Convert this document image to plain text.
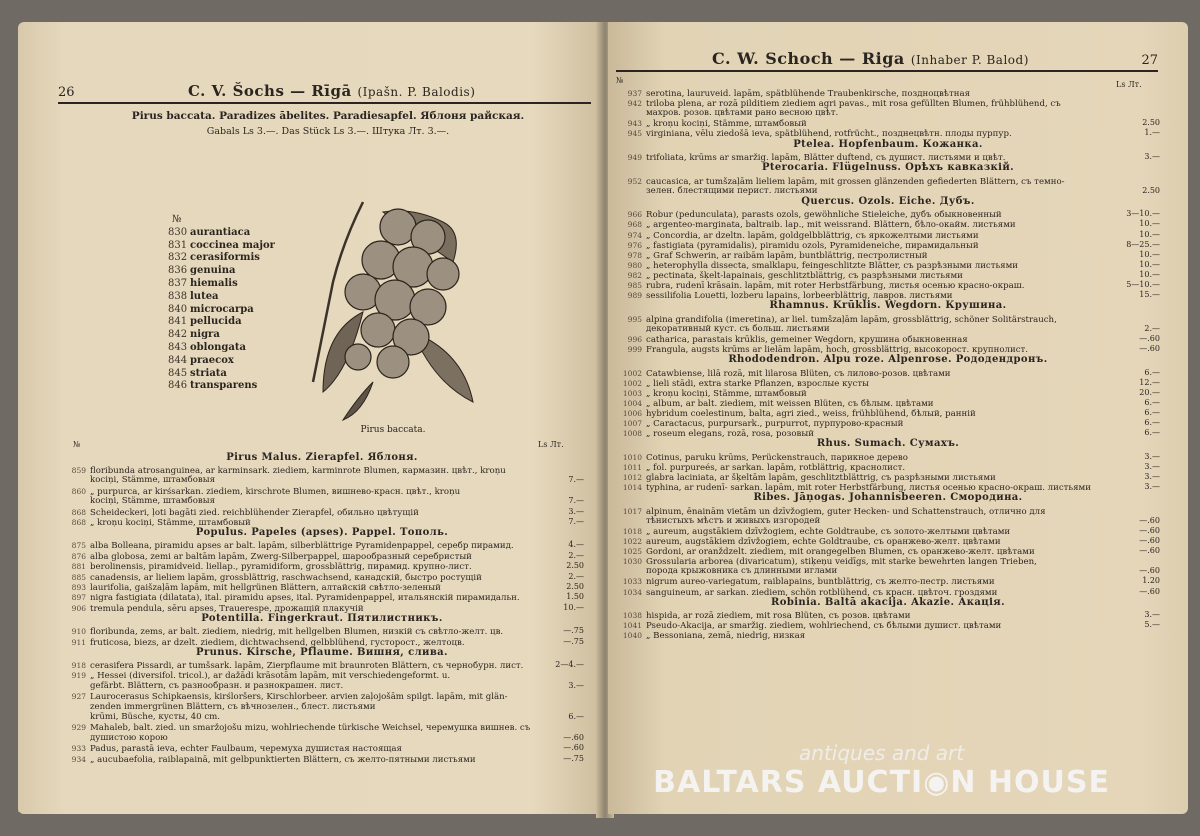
26	C. V. Šochs — Rīgā (Ipašn. P. Balodis)
Pirus baccata. Paradizes ābelites. Paradiesapfel. Яблоня райская.
Gabals Ls 3.—. Das Stück Ls 3.—. Штука Лт. 3.—.
№
830 aurantiaca
831 coccinea major
832 cerasiformis
836 genuina
837 hiemalis
838 lutea
840 microcarpa
841 pellucida
842 nigra
843 oblongata
844 praecox
845 striata
846 transparens
Pirus baccata.
№	Ls Лт.
Pirus Malus. Zierapfel. Яблоня.
859 floribunda atrosanguinea, ar karminsark. ziediem, karminrote Blumen, кармазин. цвѣт., kroņu
kociņi, Stämme, штамбовыя	7.—
860 „ purpurca, ar kirśsarkan. ziediem, kirschrote Blumen, вишнево-красн. цвѣт., kroņu
kociņi, Stämme, штамбовыя	7.—
868 Scheideckeri, ļoti bagāti zied. reichblühender Zierapfel, обильно цвѣтущій	3.—
868 „ kroņu kociņi, Stämme, штамбовый	7.—
Populus. Papeles (apses). Pappel. Тополь.
875 alba Bolleana, piramidu apses ar balt. lapām, silberblättrige Pyramidenpappel, серебр пирамид.	4.—
876 alba globosa, zemi ar baltām lapām, Zwerg-Silberpappel, шарообразный серебристый	2.—
881 berolinensis, piramidveid. liellap., pyramidiform, grossblättrig, пирамид. крупно-лист.	2.50
885 canadensis, ar lieliem lapām, grossblättrig, raschwachsend, канадскій, быстро ростущій	2.—
893 laurifolia, gaišzaļām lapām, mit hellgrünen Blättern, алтайскій свѣтло-зеленый	2.50
897 nigra fastigiata (dilatata), ital. piramidu apses, ital. Pyramidenpappel, итальянскій пирамидальн.	1.50
906 tremula pendula, sēru apses, Trauerespe, дрожащій плакучій	10.—
Potentilla. Fingerkraut. Пятилистникъ.
910 floribunda, zems, ar balt. ziediem, niedrig, mit hellgelben Blumen, низкій съ свѣтло-желт. цв.	—.75
911 fruticosa, biezs, ar dzelt. ziediem, dichtwachsend, gelbblühend, густорост., желтоцв.	—.75
Prunus. Kirsche, Pflaume. Вишня, слива.
918 cerasifera Pissardi, ar tumšsark. lapām, Zierpflaume mit braunroten Blättern, съ чернобурн. лист.	2—4.—
919 „ Hessei (diversifol. tricol.), ar dažādi krāsotām lapām, mit verschiedengeformt. u.
gefärbt. Blättern, съ разнообразн. и разнокрашен. лист.	3.—
927 Laurocerasus Schipkaensis, kirśloršers, Kirschlorbeer. arvien zaļojošām spilgt. lapām, mit glän-
zenden immergrünen Blättern, съ вѣчнозелен., блест. листьями
krūmi, Büsche, кусты, 40 cm.	6.—
929 Mahaleb, balt. zied. un smaržojošu mizu, wohlriechende türkische Weichsel, черемушка вишнев. съ
душистою корою	—.60
933 Padus, parastā ieva, echter Faulbaum, черемуха душистая настоящая	—.60
934 „ aucubaefolia, raiblapainā, mit gelbpunktierten Blättern, съ желто-пятными листьями	—.75
C. W. Schoch — Riga (Inhaber P. Balod)	27
№	Ls Лт.
937 serotina, lauruveid. lapām, spätblühende Traubenkirsche, поздноцвѣтная
942 triloba plena, ar rozā pilditiem ziediem agri pavas., mit rosa gefüllten Blumen, frühblühend, съ
махров. розов. цвѣтами рано весною цвѣт.
943 „ kroņu kociņi, Stämme, штамбовый	2.50
945 virginiana, vēlu ziedošā ieva, spätblühend, rotfrücht., позднецвѣтн. плоды пурпур.	1.—
Ptelea. Hopfenbaum. Кожанка.
949 trifoliata, krūms ar smaržig. lapām, Blätter duftend, съ душист. листьями и цвѣт.	3.—
Pterocaria. Flügelnuss. Орѣхъ кавказкій.
952 caucasica, ar tumšzaļām lieliem lapām, mit grossen glänzenden gefiederten Blättern, съ темно-
зелен. блестящими перист. листьями	2.50
Quercus. Ozols. Eiche. Дубъ.
966 Robur (pedunculata), parasts ozols, gewöhnliche Stieleiche, дубъ обыкновенный	3—10.—
968 „ argenteo-marginata, baltraib. lap., mit weissrand. Blättern, бѣло-окайм. листьями	10.—
974 „ Concordia, ar dzeltn. lapām, goldgelbblättrig, съ яркожелтыми листьями	10.—
976 „ fastigiata (pyramidalis), piramidu ozols, Pyramideneiche, пирамидальный	8—25.—
978 „ Graf Schwerin, ar raibām lapām, buntblättrig, пестролистный	10.—
980 „ heterophylla dissecta, smalklapu, feingeschlitzte Blätter, съ разрѣзными листьями	10.—
982 „ pectinata, šķelt-lapainais, geschlitztblättrig, съ разрѣзными листьями	10.—
985 rubra, rudenī krāsain. lapām, mit roter Herbstfärbung, листья осенью красно-окраш.	5—10.—
989 sessilifolia Louetti, lozberu lapains, lorbeerblättrig, лавров. листьями	15.—
Rhamnus. Krūklis. Wegdorn. Крушина.
995 alpina grandifolia (imeretina), ar liel. tumšzaļām lapām, grossblättrig, schöner Solitärstrauch,
декоративный куст. съ больш. листьями	2.—
996 catharica, parastais krūklis, gemeiner Wegdorn, крушина обыкновенная	—.60
999 Frangula, augsts krūms ar lielām lapām, hoch, grossblättrig, высокорост. крупнолист.	—.60
Rhododendron. Alpu roze. Alpenrose. Рододендронъ.
1002 Catawbiense, lilā rozā, mit lilarosa Blüten, съ лилово-розов. цвѣтами	6.—
1002 „ lieli stādi, extra starke Pflanzen, взрослые кусты	12.—
1003 „ kroņu kociņi, Stämme, штамбовый	20.—
1004 „ album, ar balt. ziediem, mit weissen Blüten, съ бѣлым. цвѣтами	6.—
1006 hybridum coelestinum, balta, agri zied., weiss, frühblühend, бѣлый, ранній	6.—
1007 „ Caractacus, purpursark., purpurrot, пурпурово-красный	6.—
1008 „ roseum elegans, rozā, rosa, розовый	6.—
Rhus. Sumach. Сумахъ.
1010 Cotinus, paruku krūms, Perückenstrauch, парикное дерево	3.—
1011 „ fol. purpureés, ar sarkan. lapām, rotblättrig, краснолист.	3.—
1012 glabra laciniata, ar šķeltām lapām, geschlitztblättrig, съ разрѣзными листьями	3.—
1014 typhina, ar rudenī- sarkan. lapām, mit roter Herbstfärbung, листья осенью красно-окраш. листьями	3.—
Ribes. Jāņogas. Johannisbeeren. Смородина.
1017 alpinum, ēnainām vietām un dzīvžogiem, guter Hecken- und Schattenstrauch, отлично для
тѣнистыхъ мѣстъ и живыхъ изгородей	—.60
1018 „ aureum, augstākiem dzīvžogiem, echte Goldtraube, съ золото-желтыми цвѣтами	—.60
1022 aureum, augstākiem dzīvžogiem, echte Goldtraube, съ оранжево-желт. цвѣтами	—.60
1025 Gordoni, ar oranždzelt. ziediem, mit orangegelben Blumen, съ оранжево-желт. цвѣтами	—.60
1030 Grossularia arborea (divaricatum), stiķeņu veidīgs, mit starke bewehrten langen Trieben,
порода крыжовника съ длинными иглами	—.60
1033 nigrum aureo-variegatum, raiblapains, buntblättrig, съ желто-пестр. листьями	1.20
1034 sanguineum, ar sarkan. ziediem, schön rotblühend, съ красн. цвѣточ. гроздями	—.60
Robinia. Baltā akacija. Akazie. Акація.
1038 hispida, ar rozā ziediem, mit rosa Blüten, съ розов. цвѣтами	3.—
1041 Pseudo-Akacija, ar smaržig. ziediem, wohlriechend, съ бѣлыми душист. цвѣтами	5.—
1040 „ Bessoniana, zemā, niedrig, низкая
antiques and art
BALTARS AUCTI◉N HOUSE
